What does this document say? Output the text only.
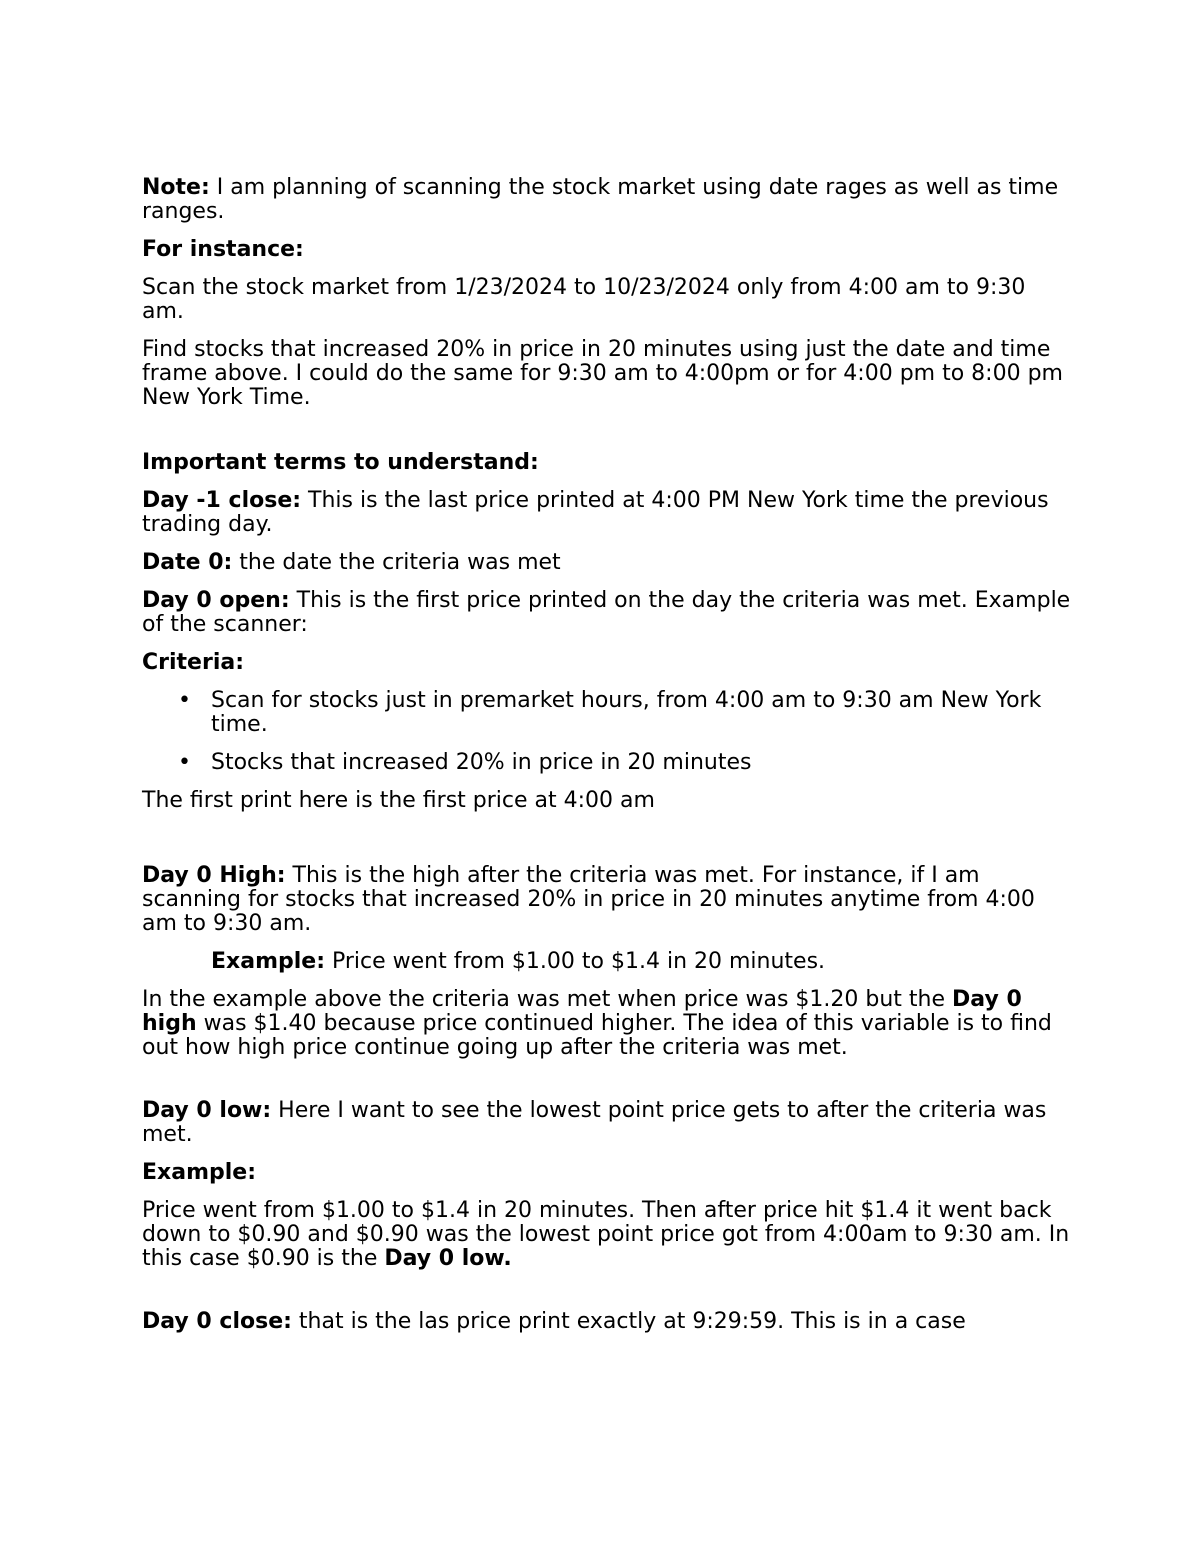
Note: I am planning of scanning the stock market using date rages as well as time ranges.

For instance:

Scan the stock market from 1/23/2024 to 10/23/2024 only from 4:00 am to 9:30 am.

Find stocks that increased 20% in price in 20 minutes using just the date and time frame above. I could do the same for 9:30 am to 4:00pm or for 4:00 pm to 8:00 pm New York Time.

Important terms to understand:

Day -1 close: This is the last price printed at 4:00 PM New York time the previous trading day.

Date 0: the date the criteria was met

Day 0 open: This is the first price printed on the day the criteria was met. Example of the scanner:

Criteria:

• Scan for stocks just in premarket hours, from 4:00 am to 9:30 am New York time.
• Stocks that increased 20% in price in 20 minutes

The first print here is the first price at 4:00 am

Day 0 High: This is the high after the criteria was met. For instance, if I am scanning for stocks that increased 20% in price in 20 minutes anytime from 4:00 am to 9:30 am.

Example: Price went from $1.00 to $1.4 in 20 minutes.

In the example above the criteria was met when price was $1.20 but the Day 0 high was $1.40 because price continued higher. The idea of this variable is to find out how high price continue going up after the criteria was met.

Day 0 low: Here I want to see the lowest point price gets to after the criteria was met.

Example:

Price went from $1.00 to $1.4 in 20 minutes. Then after price hit $1.4 it went back down to $0.90 and $0.90 was the lowest point price got from 4:00am to 9:30 am. In this case $0.90 is the Day 0 low.

Day 0 close: that is the las price print exactly at 9:29:59. This is in a case
